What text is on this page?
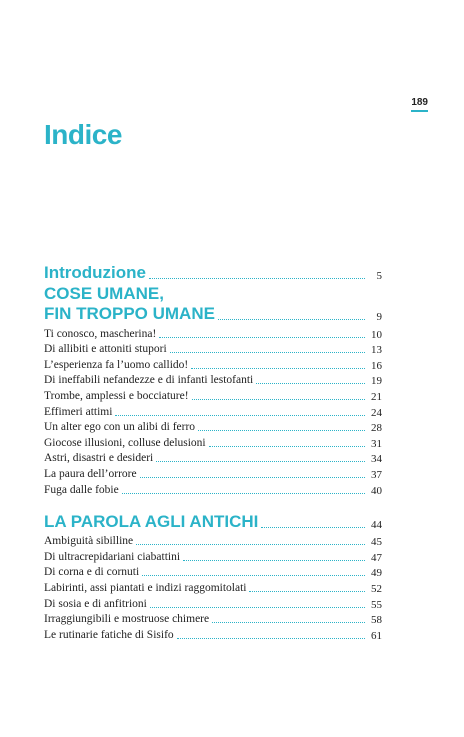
189
Indice
Introduzione	5
COSE UMANE,
FIN TROPPO UMANE	9
Ti conosco, mascherina!	10
Di allibiti e attoniti stupori	13
L’esperienza fa l’uomo callido!	16
Di ineffabili nefandezze e di infanti lestofanti	19
Trombe, amplessi e bocciature!	21
Effimeri attimi	24
Un alter ego con un alibi di ferro	28
Giocose illusioni, colluse delusioni	31
Astri, disastri e desideri	34
La paura dell’orrore	37
Fuga dalle fobie	40
LA PAROLA AGLI ANTICHI	44
Ambiguità sibilline	45
Di ultracrepidariani ciabattini	47
Di corna e di cornuti	49
Labirinti, assi piantati e indizi raggomitolati	52
Di sosia e di anfitrioni	55
Irraggiungibili e mostruose chimere	58
Le rutinarie fatiche di Sisifo	61
